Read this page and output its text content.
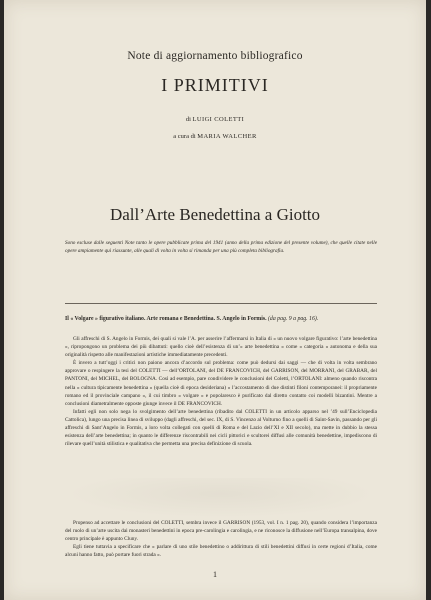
Note di aggiornamento bibliografico
I PRIMITIVI
di LUIGI COLETTI
a cura di MARIA WALCHER
Dall’Arte Benedettina a Giotto
Sono escluse dalle seguenti Note tanto le opere pubblicate prima del 1941 (anno della prima edizione del presente volume), che quelle citate nelle opere ampiamente qui riassunte, alle quali di volta in volta si rimanda per una più completa bibliografia.
Il « Volgare » figurativo italiano. Arte romana e Benedettina. S. Angelo in Formis. (da pag. 9 a pag. 16).

Gli affreschi di S. Angelo in Formis, dei quali si vale l’A. per asserire l’affermarsi in Italia di « un nuovo volgare figurativo: l’arte benedettina », ripropongono un problema dei più dibattuti: quello cioè dell’esistenza di un’« arte benedettina » come « categoria » autonoma e della sua originalità rispetto alle manifestazioni artistiche immediatamente precedenti.

È invero a tutt’oggi i critici non paiono ancora d’accordo sul problema: come può dedursi dai saggi — che di volta in volta sembrano approvare o respingere la tesi del COLETTI — dell’ORTOLANI, del DE FRANCOVICH, del GARRISON, del MORRANI, del GRABAR, del PANTONI, del MICHEL, del BOLOGNA. Così ad esempio, pare condividere le conclusioni del Coletti, l’ORTOLANI: almeno quando riscontra nella « cultura tipicamente benedettina » (quella cioè di epoca desideriana) « l’accostamento di due distinti filoni contemporanei: il propriamente romano ed il provinciale campano », il cui timbro « volgare » e popolaresco è purificato dal diretto contatto coi modelli bizantini. Mentre a conclusioni diametralmente opposte giunge invece il DE FRANCOVICH.

Infatti egli non solo nega lo svolgimento dell’arte benedettina (ribadito dal COLETTI in un articolo apparso nel ’49 sull’Enciclopedia Cattolica), lungo una precisa linea di sviluppo (dagli affreschi, del sec. IX, di S. Vincenzo al Volturno fino a quelli di Saint-Savin, passando per gli affreschi di Sant’Angelo in Formis, a loro volta collegati con quelli di Roma e del Lazio dell’XI e XII secolo), ma mette in dubbio la stessa esistenza dell’arte benedettina; in quanto le differenze riscontrabili nei cicli pittorici e scultorei diffusi alle comunità benedettine, impediscono di rilevare quell’unità stilistica e qualitativa che permetta una precisa definizione di scuola.

Propenso ad accettare le conclusioni del COLETTI, sembra invece il GARRISON (1953, vol. I n. 1 pag. 20), quando considera l’importanza del ruolo di un’arte uscita dai monasteri benedettini in epoca pre-carolingia e carolingia, e ne riconosce la diffusione nell’Europa transalpina, dove centro principale è appunto Cluny.

Egli tiene tuttavia a specificare che « parlare di uno stile benedettino o addirittura di stili benedettini diffusi in certe regioni d’Italia, come alcuni hanno fatto, può portare fuori strada ».

1
